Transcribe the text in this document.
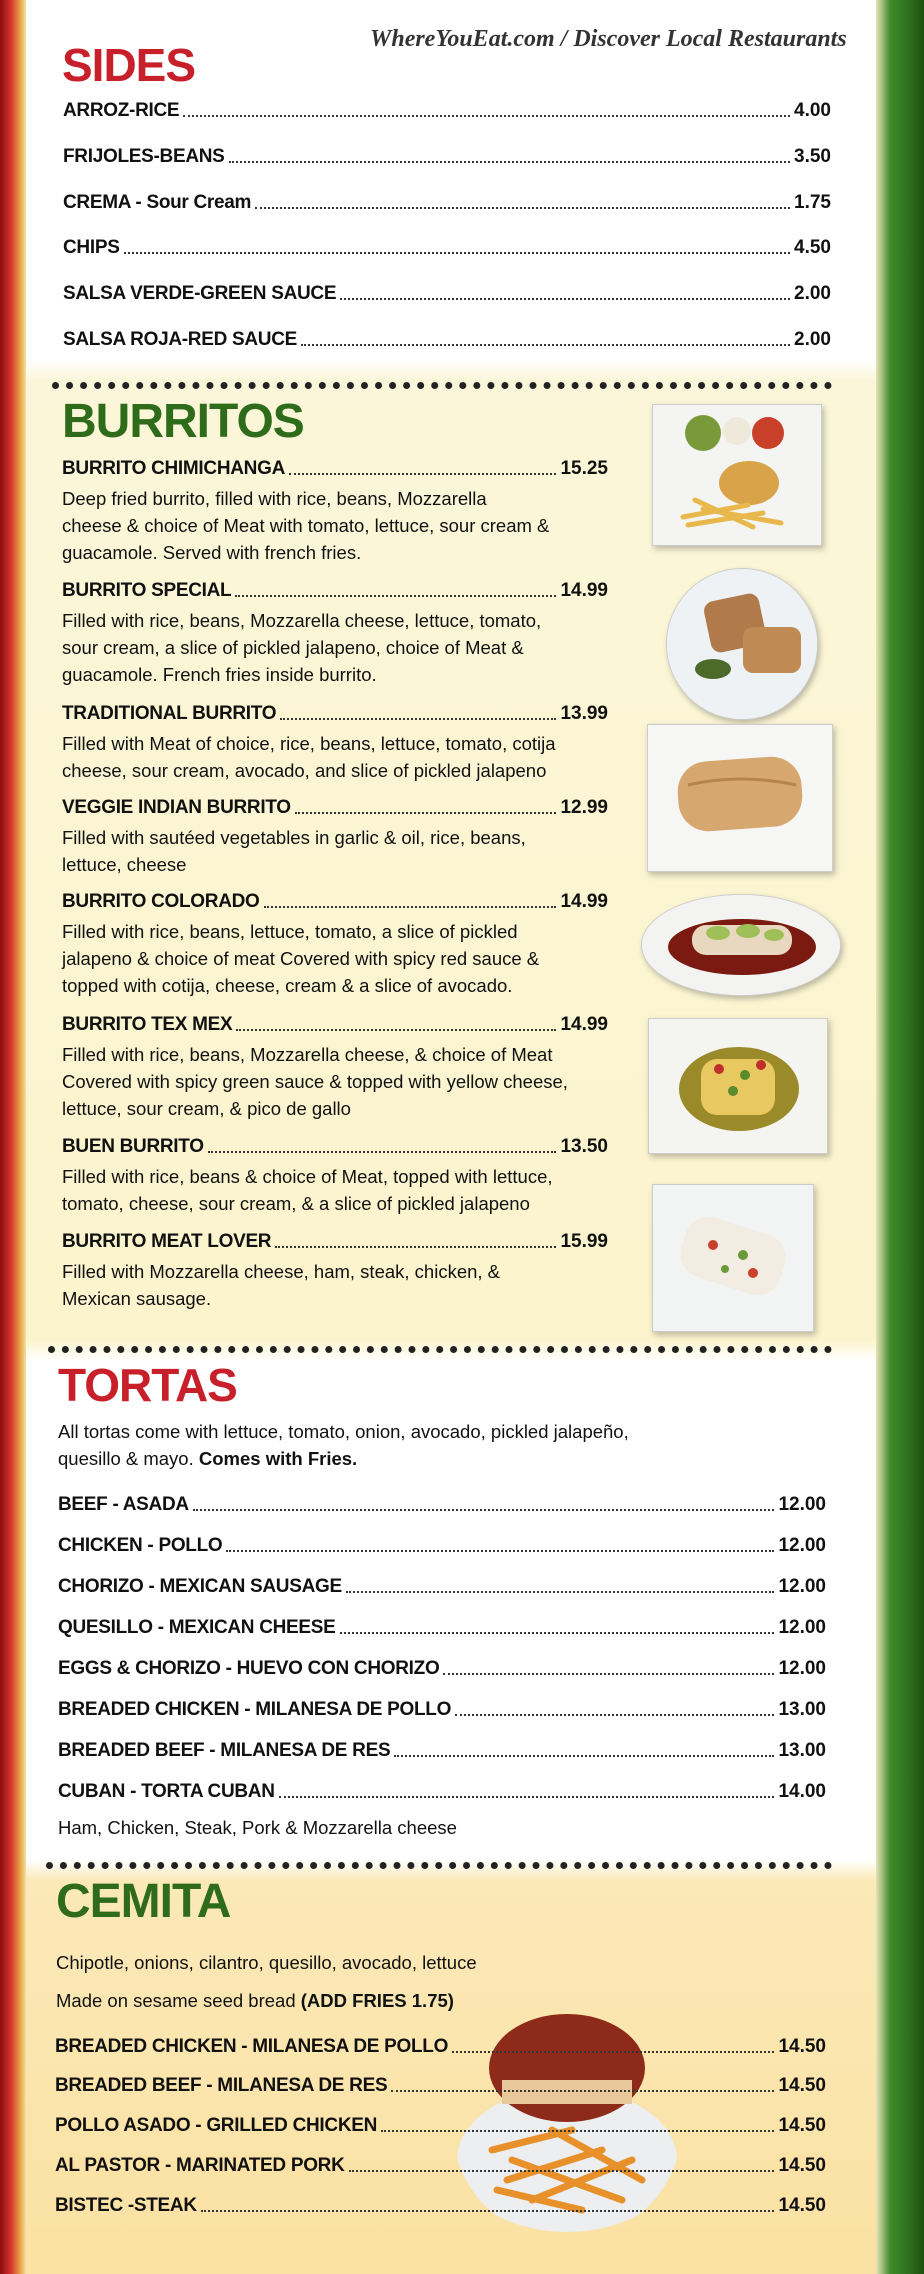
WhereYouEat.com / Discover Local Restaurants
SIDES
ARROZ-RICE	4.00
FRIJOLES-BEANS	3.50
CREMA - Sour Cream	1.75
CHIPS	4.50
SALSA VERDE-GREEN SAUCE	2.00
SALSA ROJA-RED SAUCE	2.00
BURRITOS
BURRITO CHIMICHANGA	15.25
Deep fried burrito, filled with rice, beans, Mozzarella
cheese & choice of Meat with tomato, lettuce, sour cream &
guacamole. Served with french fries.
BURRITO SPECIAL	14.99
Filled with rice, beans, Mozzarella cheese, lettuce, tomato,
sour cream, a slice of pickled jalapeno, choice of Meat &
guacamole. French fries inside burrito.
TRADITIONAL BURRITO	13.99
Filled with Meat of choice, rice, beans, lettuce, tomato, cotija
cheese, sour cream, avocado, and slice of pickled jalapeno
VEGGIE INDIAN BURRITO	12.99
Filled with sautéed vegetables in garlic & oil, rice, beans,
lettuce, cheese
BURRITO COLORADO	14.99
Filled with rice, beans, lettuce, tomato, a slice of pickled
jalapeno & choice of meat Covered with spicy red sauce &
topped with cotija, cheese, cream & a slice of avocado.
BURRITO TEX MEX	14.99
Filled with rice, beans, Mozzarella cheese, & choice of Meat
Covered with spicy green sauce & topped with yellow cheese,
lettuce, sour cream, & pico de gallo
BUEN BURRITO	13.50
Filled with rice, beans & choice of Meat, topped with lettuce,
tomato, cheese, sour cream, & a slice of pickled jalapeno
BURRITO MEAT LOVER	15.99
Filled with Mozzarella cheese, ham, steak, chicken, &
Mexican sausage.
TORTAS
All tortas come with lettuce, tomato, onion, avocado, pickled jalapeño,
quesillo & mayo. Comes with Fries.
BEEF - ASADA	12.00
CHICKEN - POLLO	12.00
CHORIZO - MEXICAN SAUSAGE	12.00
QUESILLO - MEXICAN CHEESE	12.00
EGGS & CHORIZO - HUEVO CON CHORIZO	12.00
BREADED CHICKEN - MILANESA DE POLLO	13.00
BREADED BEEF - MILANESA DE RES	13.00
CUBAN - TORTA CUBAN	14.00
Ham, Chicken, Steak, Pork & Mozzarella cheese
CEMITA
Chipotle, onions, cilantro, quesillo, avocado, lettuce
Made on sesame seed bread (ADD FRIES 1.75)
BREADED CHICKEN - MILANESA DE POLLO	14.50
BREADED BEEF - MILANESA DE RES	14.50
POLLO ASADO - GRILLED CHICKEN	14.50
AL PASTOR - MARINATED PORK	14.50
BISTEC -STEAK	14.50
